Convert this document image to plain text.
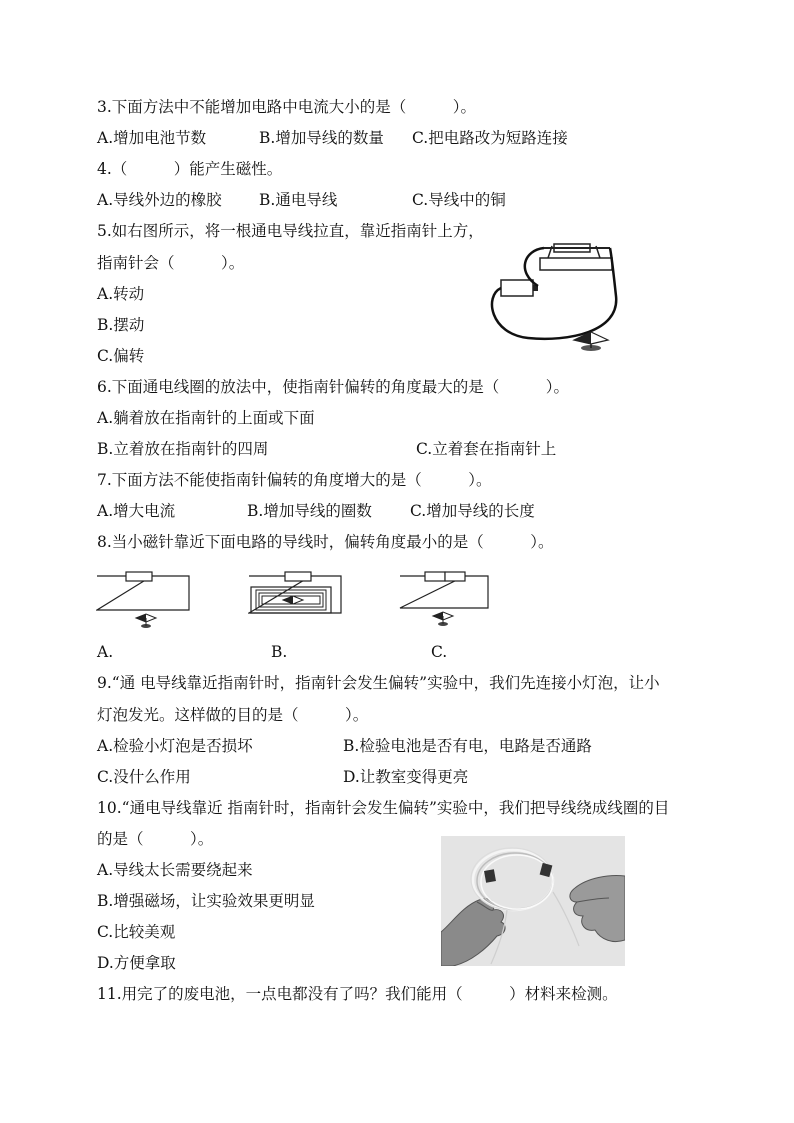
3.下面方法中不能增加电路中电流大小的是（　　　）。
A.增加电池节数	B.增加导线的数量 C.把电路改为短路连接
4.（　　　）能产生磁性。
A.导线外边的橡胶 B.通电导线	C.导线中的铜
5.如右图所示，将一根通电导线拉直，靠近指南针上方，
指南针会（　　　）。
A.转动
B.摆动
C.偏转
6.下面通电线圈的放法中，使指南针偏转的角度最大的是（　　　）。
A.躺着放在指南针的上面或下面
B.立着放在指南针的四周	C.立着套在指南针上
7.下面方法不能使指南针偏转的角度增大的是（　　　）。
A.增大电流	B.增加导线的圈数 C.增加导线的长度
8.当小磁针靠近下面电路的导线时，偏转角度最小的是（　　　）。
A.	B.	C.
9.“通 电导线靠近指南针时，指南针会发生偏转”实验中，我们先连接小灯泡，让小
灯泡发光。这样做的目的是（　　　）。
A.检验小灯泡是否损坏	B.检验电池是否有电，电路是否通路
C.没什么作用	D.让教室变得更亮
10.“通电导线靠近 指南针时，指南针会发生偏转”实验中，我们把导线绕成线圈的目
的是（　　　）。
A.导线太长需要绕起来
B.增强磁场，让实验效果更明显
C.比较美观
D.方便拿取
11.用完了的废电池，一点电都没有了吗？我们能用（　　　）材料来检测。
